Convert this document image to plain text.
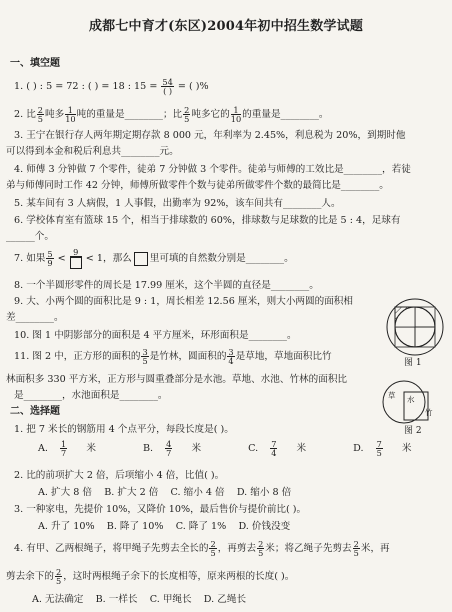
成都七中育才(东区)2004年初中招生数学试题
一、填空题
1. ( ) : 5 = 72 : ( ) = 18 : $15 = \frac{54}{( )}$ = ( )%
2. 比 $\frac{2}{5}$ 吨多 $\frac{1}{10}$ 吨的重量是________；比 $\frac{2}{5}$ 吨多它的 $\frac{1}{10}$ 的重量是________。
3. 王宁在银行存人两年期定期存款 8 000 元，年利率为 2.45%，利息税为 20%，到期时他
可以得到本金和税后利息共________元。
4. 师傅 3 分钟做 7 个零件，徒弟 7 分钟做 3 个零件。徒弟与师傅的工效比是________，若徒
弟与师傅同时工作 42 分钟，师傅所做零件个数与徒弟所做零件个数的最简比是________。
5. 某车间有 3 人病假，1 人事假，出勤率为 92%，该车间共有________人。
6. 学校体育室有篮球 15 个，相当于排球数的 60%，排球数与足球数的比是 5 : 4，足球有
______个。
7. 如果 $\frac{5}{9}$ <
9
< 1，那么 里可填的自然数分别是________。
8. 一个半圆形零件的周长是 17.99 厘米，这个半圆的直径是________。
9. 大、小两个圆的面积比是 9 : 1，周长相差 12.56 厘米，则大小两圆的面积相
差________。
10. 图 1 中阴影部分的面积是 4 平方厘米，环形面积是________。
11. 图 2 中，正方形的面积的 $\frac{3}{5}$ 是竹林，圆面积的 $\frac{3}{4}$ 是草地，草地面积比竹
林面积多 330 平方米，正方形与圆重叠部分是水池。草地、水池、竹林的面积比
是________，水池面积是________。
图 1
草 水
竹
图 2
二、选择题
1. 把 7 米长的钢筋用 4 个点平分，每段长度是( )。
A. $\frac{1}{7}$ 米	B. $\frac{4}{7}$ 米	C. $\frac{7}{4}$ 米	D. $\frac{7}{5}$ 米
2. 比的前项扩大 2 倍，后项缩小 4 倍，比值( )。
A. 扩大 8 倍    B. 扩大 2 倍    C. 缩小 4 倍    D. 缩小 8 倍
3. 一种家电，先提价 10%，又降价 10%，最后售价与提价前比( )。
A. 升了 10%    B. 降了 10%    C. 降了 1%    D. 价钱没变
4. 有甲、乙两根绳子，将甲绳子先剪去全长的 $\frac{2}{5}$ ，再剪去 $\frac{2}{5}$ 米；将乙绳子先剪去 $\frac{2}{5}$ 米，再
剪去余下的 $\frac{2}{5}$ ，这时两根绳子余下的长度相等，原来两根的长度( )。
A. 无法确定    B. 一样长    C. 甲绳长    D. 乙绳长
